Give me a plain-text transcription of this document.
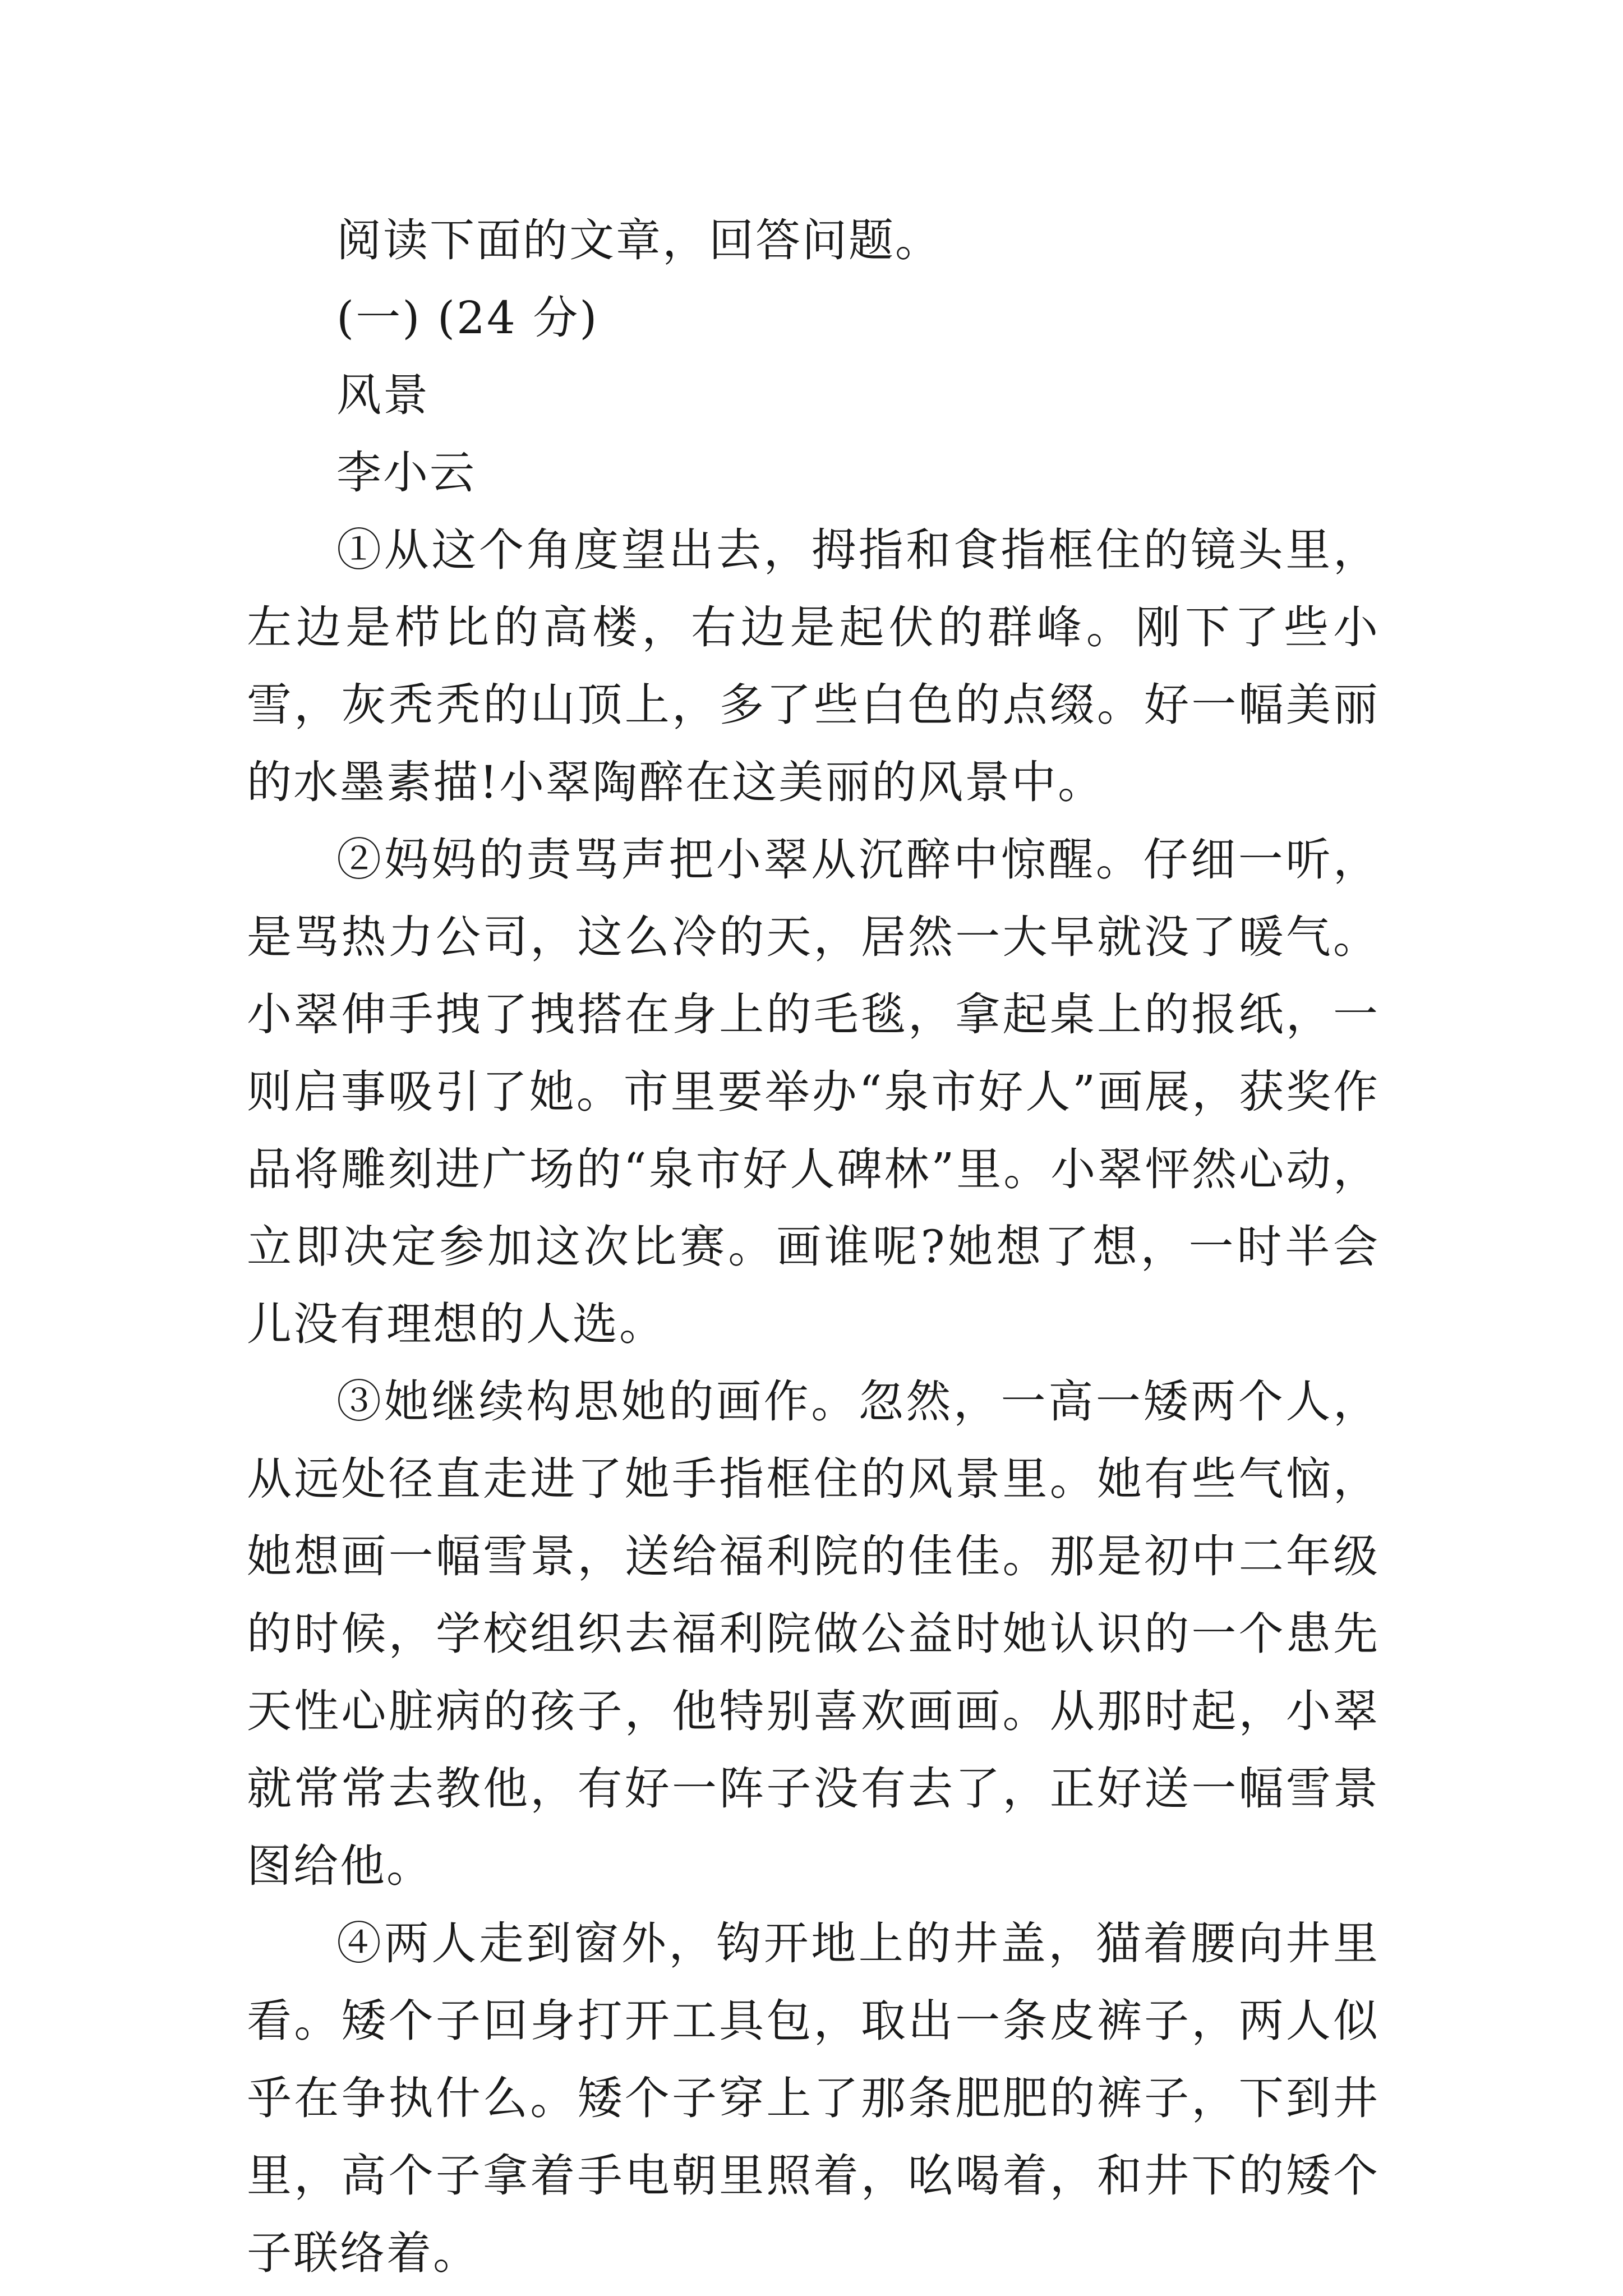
阅读下面的文章，回答问题。
(一) (24 分)
风景
李小云

①从这个角度望出去，拇指和食指框住的镜头里，左边是栉比的高楼，右边是起伏的群峰。刚下了些小雪，灰秃秃的山顶上，多了些白色的点缀。好一幅美丽的水墨素描!小翠陶醉在这美丽的风景中。

②妈妈的责骂声把小翠从沉醉中惊醒。仔细一听，是骂热力公司，这么冷的天，居然一大早就没了暖气。小翠伸手拽了拽搭在身上的毛毯，拿起桌上的报纸，一则启事吸引了她。市里要举办“泉市好人”画展，获奖作品将雕刻进广场的“泉市好人碑林”里。小翠怦然心动，立即决定参加这次比赛。画谁呢?她想了想，一时半会儿没有理想的人选。

③她继续构思她的画作。忽然，一高一矮两个人，从远处径直走进了她手指框住的风景里。她有些气恼，她想画一幅雪景，送给福利院的佳佳。那是初中二年级的时候，学校组织去福利院做公益时她认识的一个患先天性心脏病的孩子，他特别喜欢画画。从那时起，小翠就常常去教他，有好一阵子没有去了，正好送一幅雪景图给他。

④两人走到窗外，钩开地上的井盖，猫着腰向井里看。矮个子回身打开工具包，取出一条皮裤子，两人似乎在争执什么。矮个子穿上了那条肥肥的裤子，下到井里，高个子拿着手电朝里照着，吆喝着，和井下的矮个子联络着。
